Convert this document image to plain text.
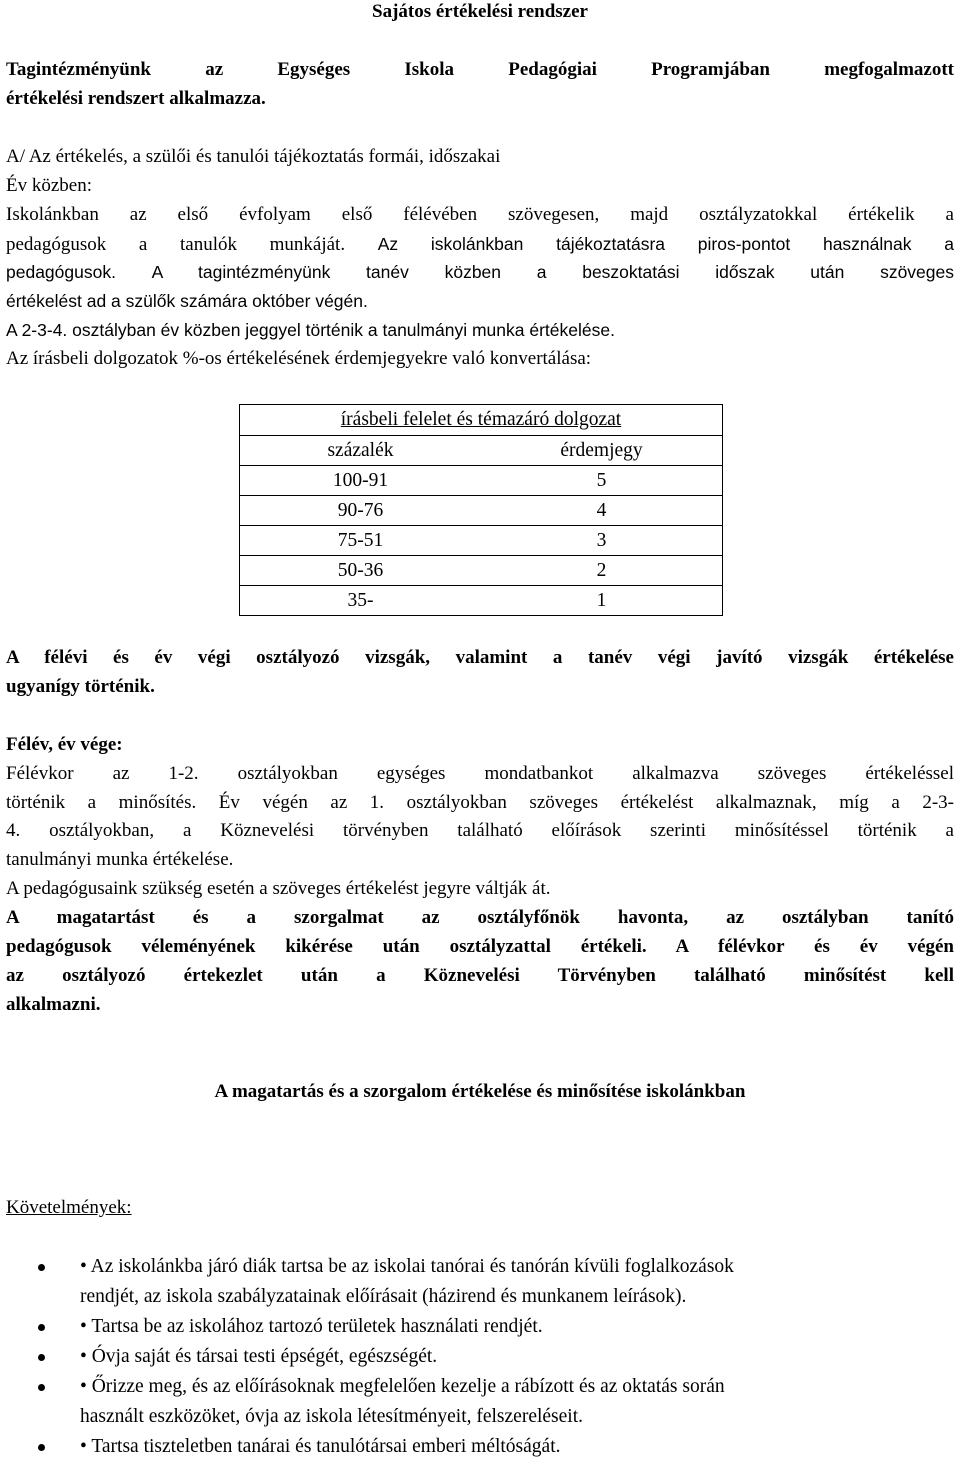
Sajátos értékelési rendszer
Tagintézményünk az Egységes Iskola Pedagógiai Programjában megfogalmazott
értékelési rendszert alkalmazza.
A/ Az értékelés, a szülői és tanulói tájékoztatás formái, időszakai
Év közben:
Iskolánkban az első évfolyam első félévében szövegesen, majd osztályzatokkal értékelik a
pedagógusok a tanulók munkáját. Az iskolánkban tájékoztatásra piros-pontot használnak a
pedagógusok. A tagintézményünk tanév közben a beszoktatási időszak után szöveges
értékelést ad a szülők számára október végén.
A 2-3-4. osztályban év közben jeggyel történik a tanulmányi munka értékelése.
Az írásbeli dolgozatok %-os értékelésének érdemjegyekre való konvertálása:
írásbeli felelet és témazáró dolgozat	
százalék	érdemjegy
100-91	5
90-76	4
75-51	3
50-36	2
35-	1
A félévi és év végi osztályozó vizsgák, valamint a tanév végi javító vizsgák értékelése
ugyanígy történik.
Félév, év vége:
Félévkor az 1-2. osztályokban egységes mondatbankot alkalmazva szöveges értékeléssel
történik a minősítés. Év végén az 1. osztályokban szöveges értékelést alkalmaznak, míg a 2-3-
4. osztályokban, a Köznevelési törvényben található előírások szerinti minősítéssel történik a
tanulmányi munka értékelése.
A pedagógusaink szükség esetén a szöveges értékelést jegyre váltják át.
A magatartást és a szorgalmat az osztályfőnök havonta, az osztályban tanító
pedagógusok véleményének kikérése után osztályzattal értékeli. A félévkor és év végén
az osztályozó értekezlet után a Köznevelési Törvényben található minősítést kell
alkalmazni.
A magatartás és a szorgalom értékelése és minősítése iskolánkban
Követelmények:
• Az iskolánkba járó diák tartsa be az iskolai tanórai és tanórán kívüli foglalkozások
rendjét, az iskola szabályzatainak előírásait (házirend és munkanem leírások).
• Tartsa be az iskolához tartozó területek használati rendjét.
• Óvja saját és társai testi épségét, egészségét.
• Őrizze meg, és az előírásoknak megfelelően kezelje a rábízott és az oktatás során
használt eszközöket, óvja az iskola létesítményeit, felszereléseit.
• Tartsa tiszteletben tanárai és tanulótársai emberi méltóságát.
